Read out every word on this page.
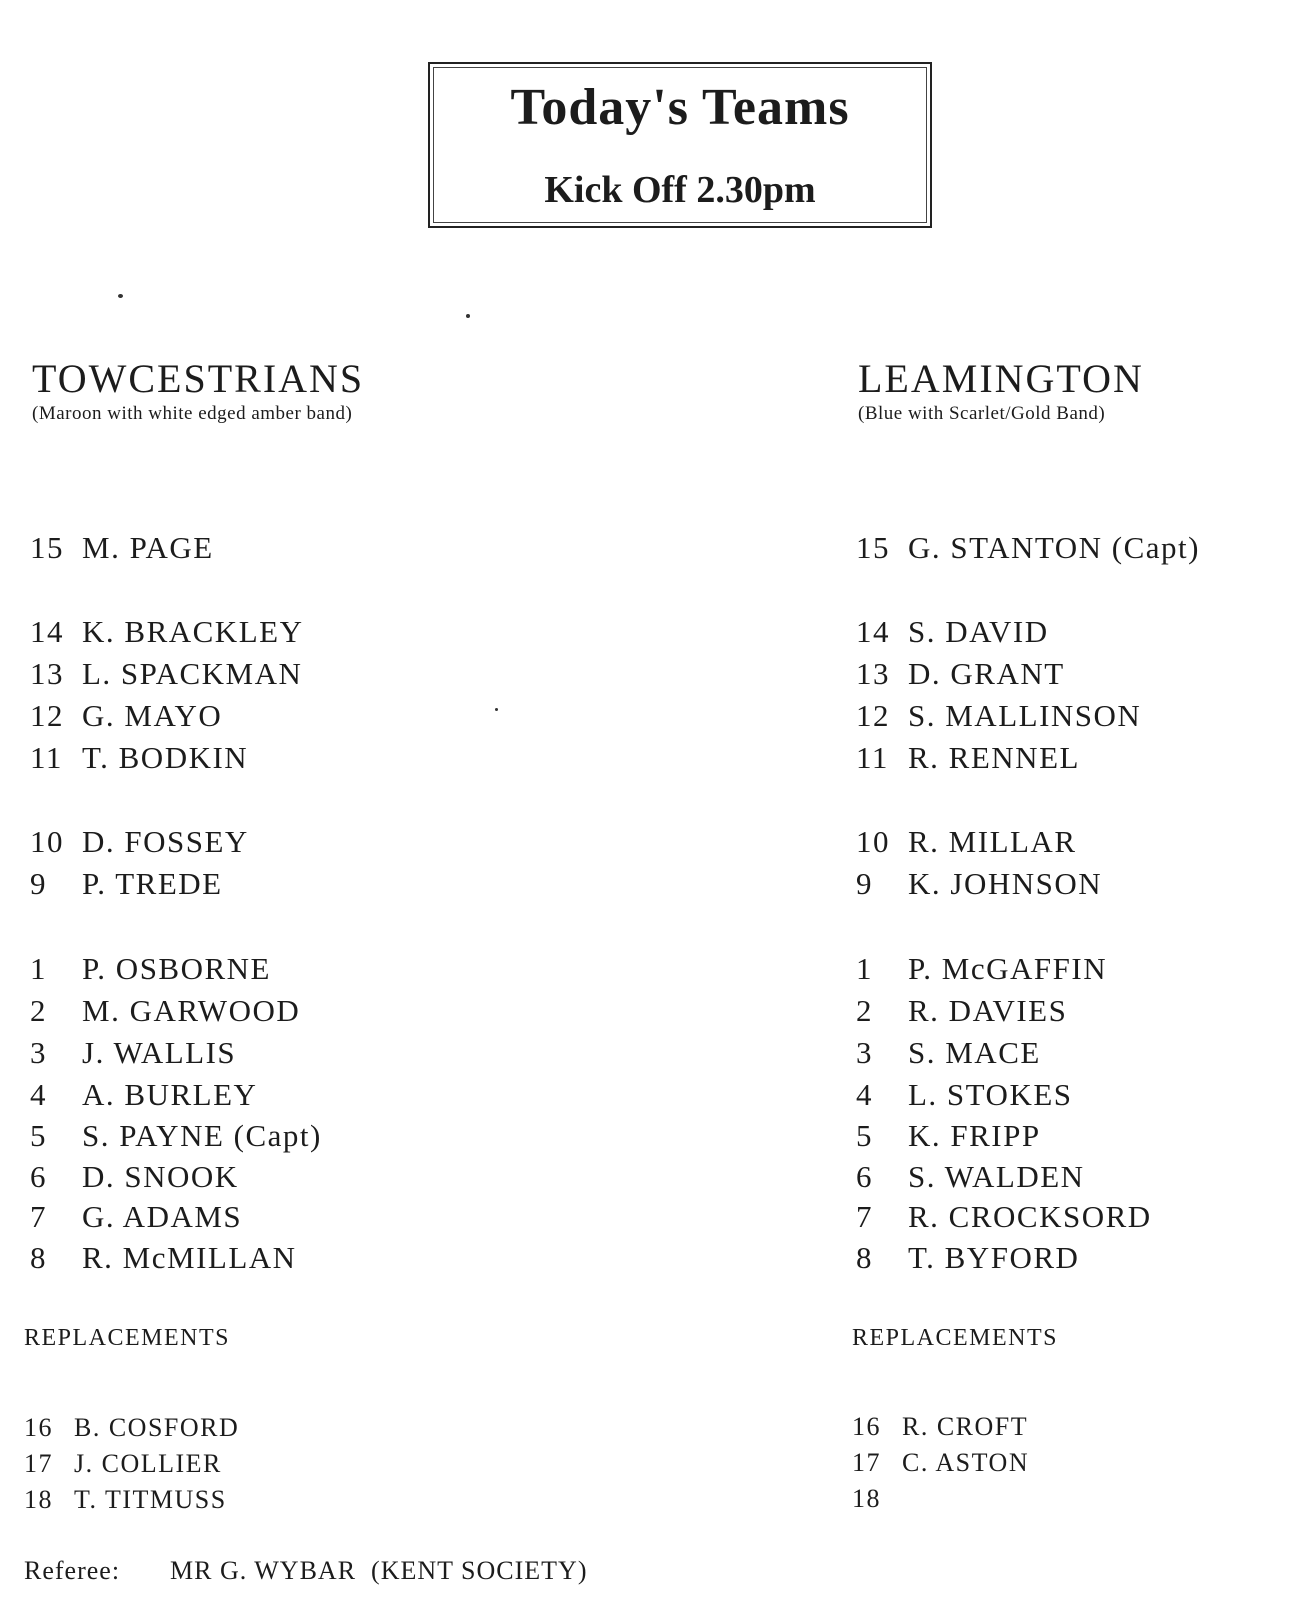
Today's Teams
Kick Off 2.30pm
TOWCESTRIANS
(Maroon with white edged amber band)
LEAMINGTON
(Blue with Scarlet/Gold Band)
15 M. PAGE
14 K. BRACKLEY
13 L. SPACKMAN
12 G. MAYO
11 T. BODKIN
10 D. FOSSEY
9 P. TREDE
1 P. OSBORNE
2 M. GARWOOD
3 J. WALLIS
4 A. BURLEY
5 S. PAYNE (Capt)
6 D. SNOOK
7 G. ADAMS
8 R. McMILLAN
15 G. STANTON (Capt)
14 S. DAVID
13 D. GRANT
12 S. MALLINSON
11 R. RENNEL
10 R. MILLAR
9 K. JOHNSON
1 P. McGAFFIN
2 R. DAVIES
3 S. MACE
4 L. STOKES
5 K. FRIPP
6 S. WALDEN
7 R. CROCKSORD
8 T. BYFORD
REPLACEMENTS	REPLACEMENTS
16 B. COSFORD
17 J. COLLIER
18 T. TITMUSS
16 R. CROFT
17 C. ASTON
18
Referee: MR G. WYBAR  (KENT SOCIETY)
